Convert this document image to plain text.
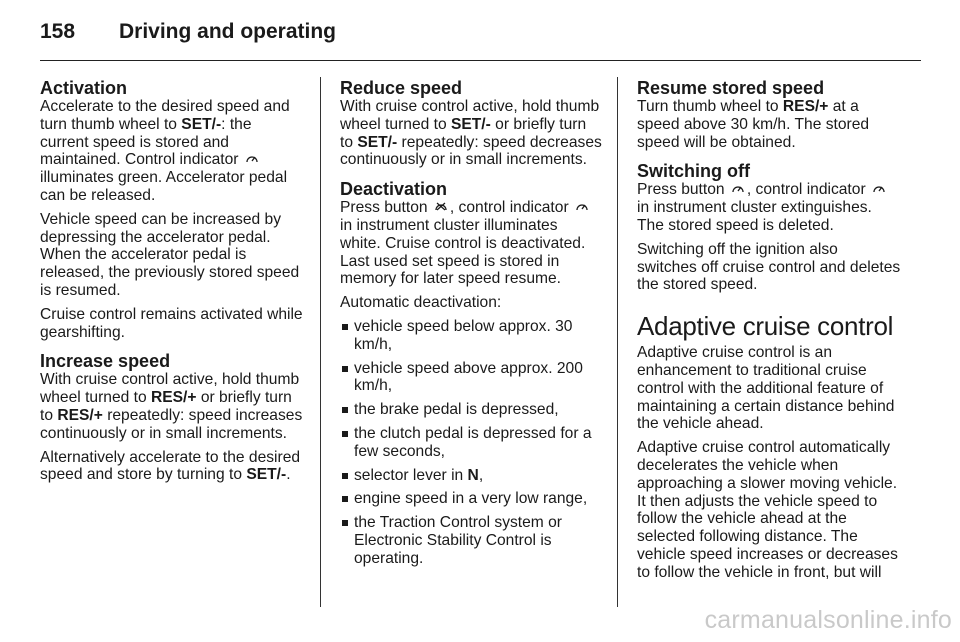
158 Driving and operating
Activation

Accelerate to the desired speed and turn thumb wheel to SET/-: the current speed is stored and maintained. Control indicator  illuminates green. Accelerator pedal can be released.

Vehicle speed can be increased by depressing the accelerator pedal. When the accelerator pedal is released, the previously stored speed is resumed.

Cruise control remains activated while gearshifting.

Increase speed

With cruise control active, hold thumb wheel turned to RES/+ or briefly turn to RES/+ repeatedly: speed increases continuously or in small increments.

Alternatively accelerate to the desired speed and store by turning to SET/-.

Reduce speed

With cruise control active, hold thumb wheel turned to SET/- or briefly turn to SET/- repeatedly: speed decreases continuously or in small increments.

Deactivation

Press button , control indicator  in instrument cluster illuminates white. Cruise control is deactivated. Last used set speed is stored in memory for later speed resume.

Automatic deactivation:

vehicle speed below approx. 30 km/h,
vehicle speed above approx. 200 km/h,
the brake pedal is depressed,
the clutch pedal is depressed for a few seconds,
selector lever in N,
engine speed in a very low range,
the Traction Control system or Electronic Stability Control is operating.
Resume stored speed

Turn thumb wheel to RES/+ at a speed above 30 km/h. The stored speed will be obtained.

Switching off

Press button , control indicator  in instrument cluster extinguishes. The stored speed is deleted.

Switching off the ignition also switches off cruise control and deletes the stored speed.

Adaptive cruise control

Adaptive cruise control is an enhancement to traditional cruise control with the additional feature of maintaining a certain distance behind the vehicle ahead.

Adaptive cruise control automatically decelerates the vehicle when approaching a slower moving vehicle. It then adjusts the vehicle speed to follow the vehicle ahead at the selected following distance. The vehicle speed increases or decreases to follow the vehicle in front, but will

carmanualsonline.info
